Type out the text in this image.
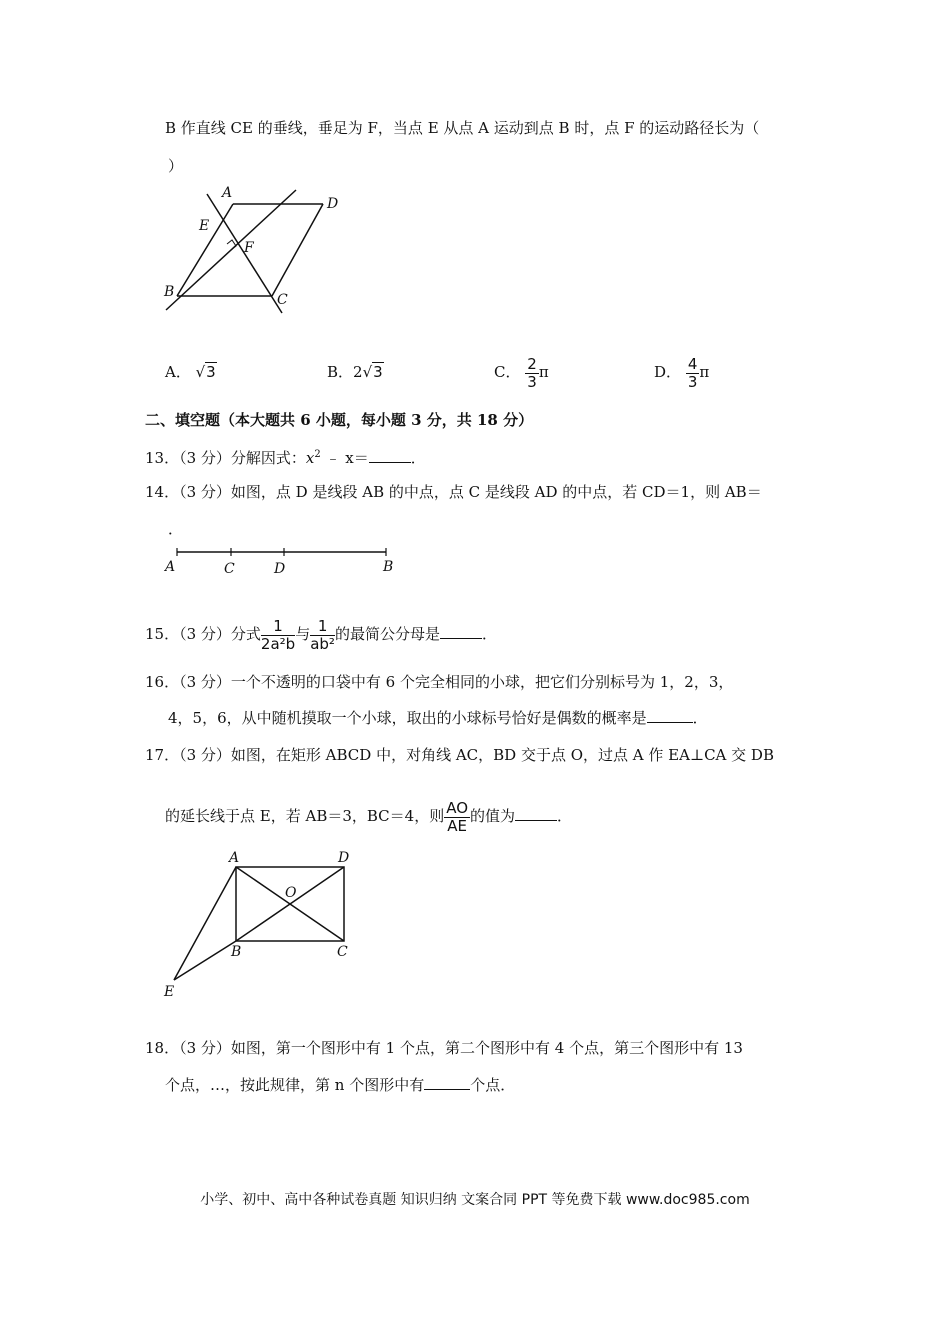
B 作直线 CE 的垂线，垂足为 F，当点 E 从点 A 运动到点 B 时，点 F 的运动路径长为（
）
A
D
E
F
B	C
A． √3	B．2√3	C． $\frac{2}{3}$ π	D． $\frac{4}{3}$ π
二、填空题（本大题共 6 小题，每小题 3 分，共 18 分）
13．（3 分）分解因式：$x^2$ ﹣ x＝	．
14．（3 分）如图，点 D 是线段 AB 的中点，点 C 是线段 AD 的中点，若 CD＝1，则 AB＝
．
A	C	D	B
15．（3 分）分式 $\frac{1}{\text{2a²b}}$ 与 $\frac{1}{\text{ab²}}$ 的最简公分母是	．
16．（3 分）一个不透明的口袋中有 6 个完全相同的小球，把它们分别标号为 1，2，3，
4，5，6，从中随机摸取一个小球，取出的小球标号恰好是偶数的概率是	．
17．（3 分）如图，在矩形 ABCD 中，对角线 AC，BD 交于点 O，过点 A 作 EA⊥CA 交 DB
的延长线于点 E，若 AB＝3，BC＝4，则 $\frac{AO}{AE}$ 的值为	．
A	D
O
B	C
E
18．（3 分）如图，第一个图形中有 1 个点，第二个图形中有 4 个点，第三个图形中有 13
个点，…，按此规律，第 n 个图形中有	个点．
小学、初中、高中各种试卷真题 知识归纳 文案合同 PPT 等免费下载 www.doc985.com
